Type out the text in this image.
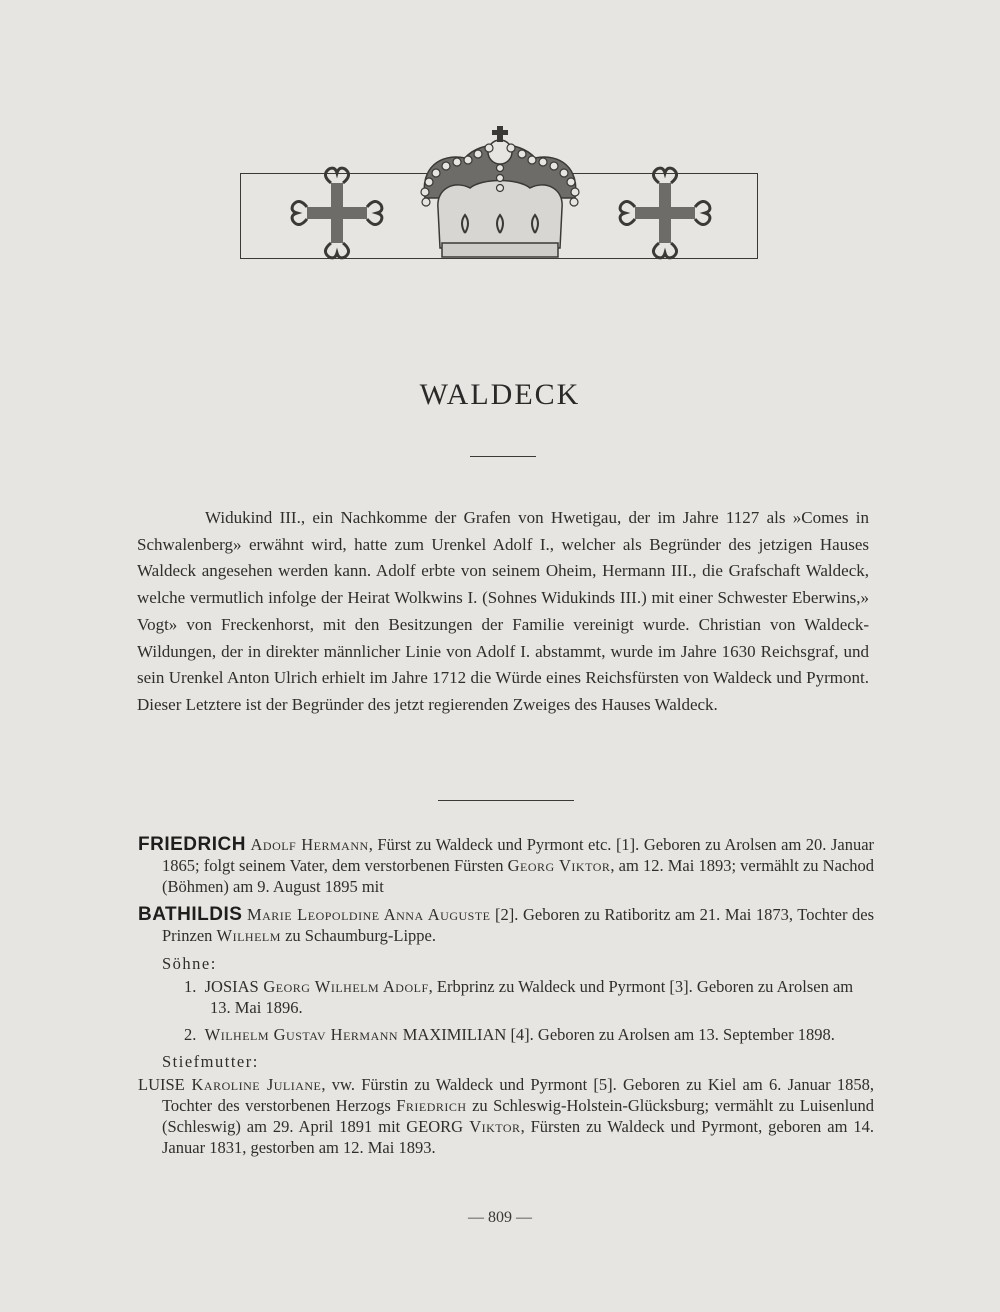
WALDECK

Widukind III., ein Nachkomme der Grafen von Hwetigau, der im Jahre 1127 als »Comes in Schwalenberg» erwähnt wird, hatte zum Urenkel Adolf I., welcher als Begründer des jetzigen Hauses Waldeck angesehen werden kann. Adolf erbte von seinem Oheim, Hermann III., die Grafschaft Waldeck, welche vermutlich infolge der Heirat Wolkwins I. (Sohnes Widukinds III.) mit einer Schwester Eberwins,» Vogt» von Freckenhorst, mit den Besitzungen der Familie vereinigt wurde. Christian von Waldeck-Wildungen, der in direkter männlicher Linie von Adolf I. abstammt, wurde im Jahre 1630 Reichsgraf, und sein Urenkel Anton Ulrich erhielt im Jahre 1712 die Würde eines Reichsfürsten von Waldeck und Pyrmont. Dieser Letztere ist der Begründer des jetzt regierenden Zweiges des Hauses Waldeck.

FRIEDRICH Adolf Hermann, Fürst zu Waldeck und Pyrmont etc. [1]. Geboren zu Arolsen am 20. Januar 1865; folgt seinem Vater, dem verstorbenen Fürsten Georg Viktor, am 12. Mai 1893; vermählt zu Nachod (Böhmen) am 9. August 1895 mit
BATHILDIS Marie Leopoldine Anna Auguste [2]. Geboren zu Ratiboritz am 21. Mai 1873, Tochter des Prinzen Wilhelm zu Schaumburg-Lippe.
Söhne:
1. JOSIAS Georg Wilhelm Adolf, Erbprinz zu Waldeck und Pyrmont [3]. Geboren zu Arolsen am 13. Mai 1896.
2. Wilhelm Gustav Hermann MAXIMILIAN [4]. Geboren zu Arolsen am 13. September 1898.
Stiefmutter:
LUISE Karoline Juliane, vw. Fürstin zu Waldeck und Pyrmont [5]. Geboren zu Kiel am 6. Januar 1858, Tochter des verstorbenen Herzogs Friedrich zu Schleswig-Holstein-Glücksburg; vermählt zu Luisenlund (Schleswig) am 29. April 1891 mit GEORG Viktor, Fürsten zu Waldeck und Pyrmont, geboren am 14. Januar 1831, gestorben am 12. Mai 1893.
— 809 —
